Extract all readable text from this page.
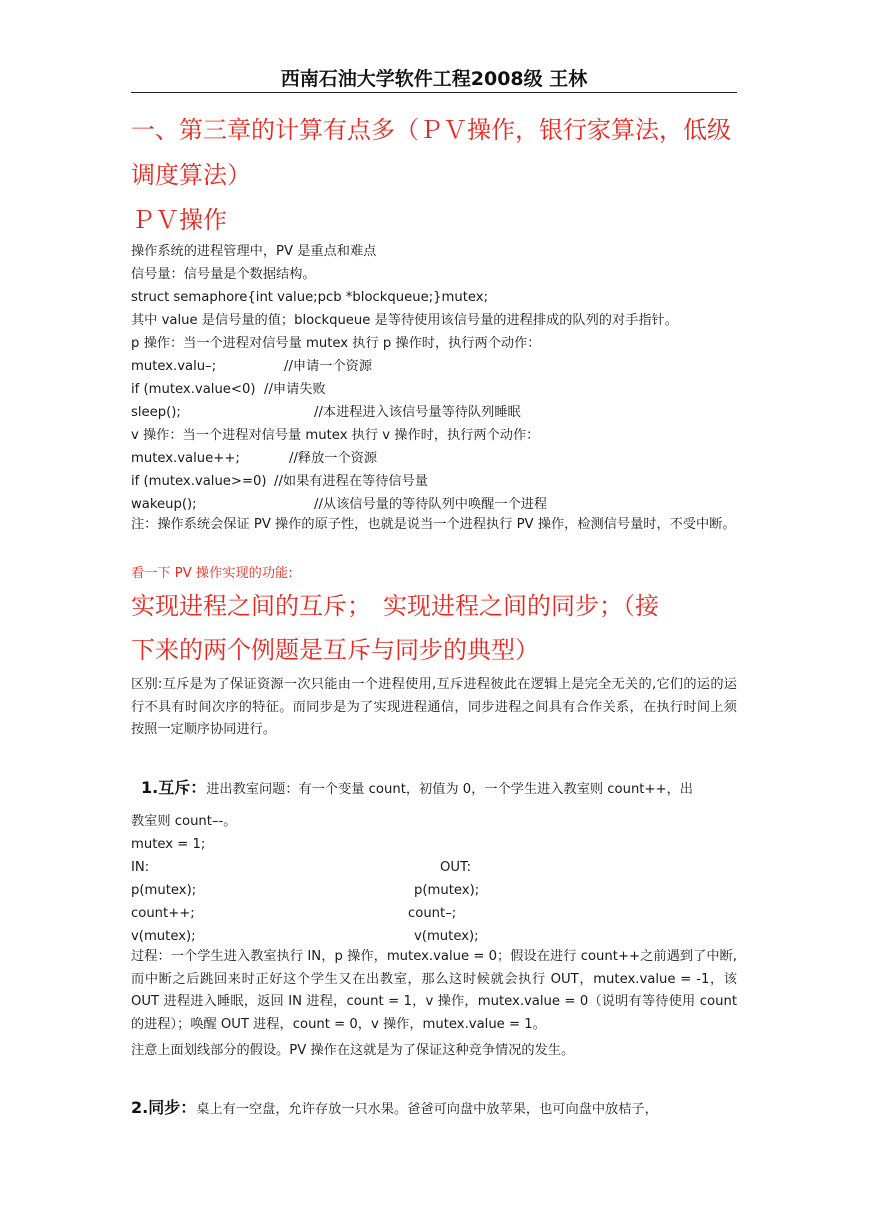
西南石油大学软件工程2008级 王林
一、第三章的计算有点多（ＰＶ操作，银行家算法，低级
调度算法）
ＰＶ操作
操作系统的进程管理中，PV 是重点和难点
信号量：信号量是个数据结构。
struct semaphore{int value;pcb *blockqueue;}mutex;
其中 value 是信号量的值；blockqueue 是等待使用该信号量的进程排成的队列的对手指针。
p 操作：当一个进程对信号量 mutex 执行 p 操作时，执行两个动作：
mutex.valu–;	//申请一个资源
if (mutex.value<0) //申请失败
sleep();	//本进程进入该信号量等待队列睡眠
v 操作：当一个进程对信号量 mutex 执行 v 操作时，执行两个动作：
mutex.value++;	//释放一个资源
if (mutex.value>=0) //如果有进程在等待信号量
wakeup();	//从该信号量的等待队列中唤醒一个进程
注：操作系统会保证 PV 操作的原子性，也就是说当一个进程执行 PV 操作，检测信号量时，不受中断。
看一下 PV 操作实现的功能:
实现进程之间的互斥；　实现进程之间的同步；（接
下来的两个例题是互斥与同步的典型）
区别:互斥是为了保证资源一次只能由一个进程使用,互斥进程彼此在逻辑上是完全无关的,它们的运的运行不具有时间次序的特征。而同步是为了实现进程通信，同步进程之间具有合作关系，在执行时间上须按照一定顺序协同进行。
1.互斥：进出教室问题：有一个变量 count，初值为 0，一个学生进入教室则 count++，出
教室则 count–-。
mutex = 1;
IN:	OUT:
p(mutex);	p(mutex);
count++;	count–;
v(mutex);	v(mutex);
过程：一个学生进入教室执行 IN，p 操作，mutex.value = 0；假设在进行 count++之前遇到了中断,而中断之后跳回来时正好这个学生又在出教室，那么这时候就会执行 OUT，mutex.value = -1，该 OUT 进程进入睡眠，返回 IN 进程，count = 1，v 操作，mutex.value = 0（说明有等待使用 count 的进程）；唤醒 OUT 进程，count = 0，v 操作，mutex.value = 1。
注意上面划线部分的假设。PV 操作在这就是为了保证这种竞争情况的发生。
2.同步：桌上有一空盘，允许存放一只水果。爸爸可向盘中放苹果，也可向盘中放桔子，
